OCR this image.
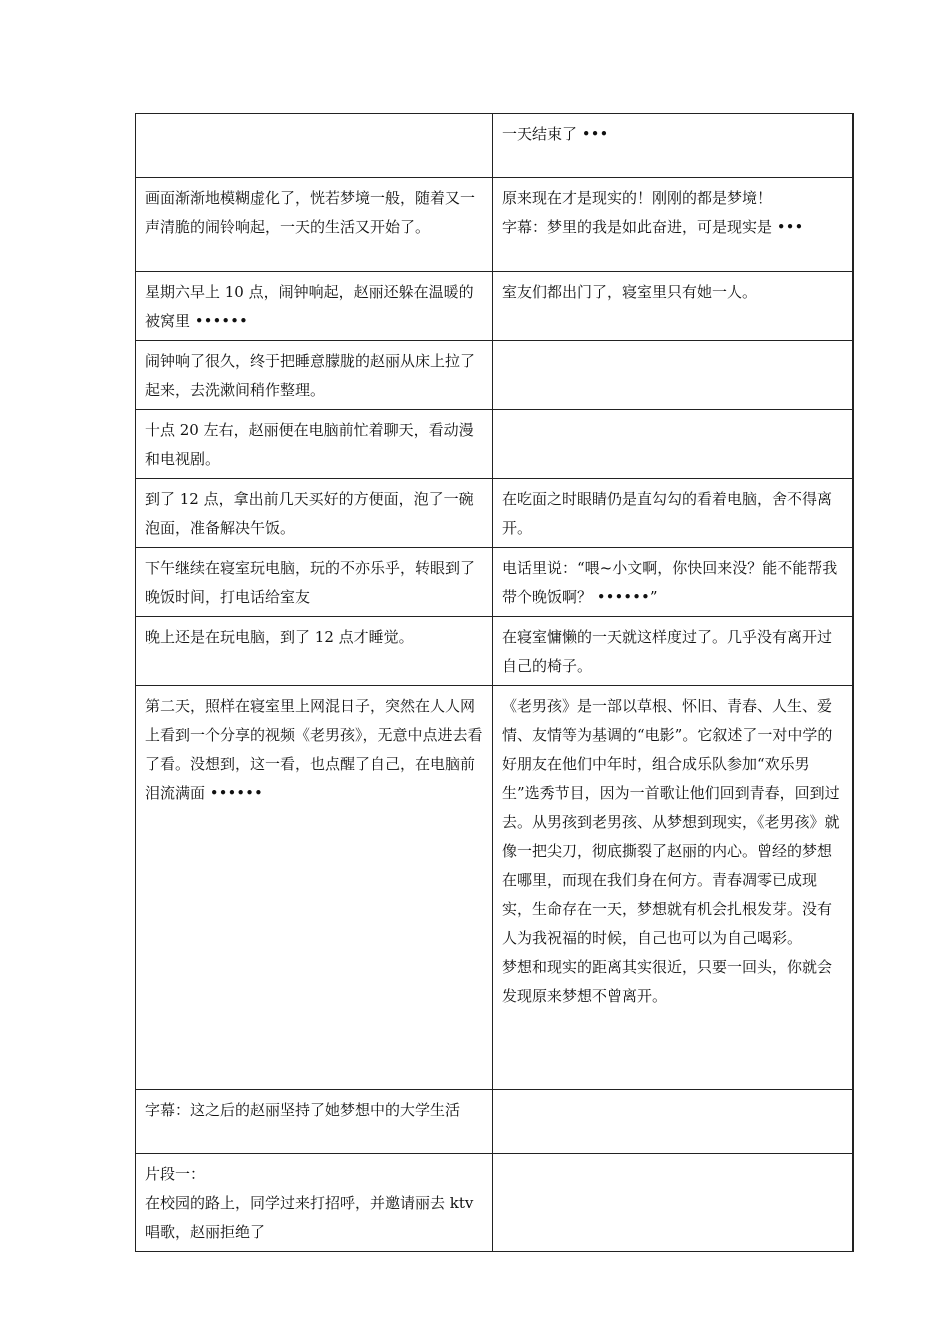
	一天结束了 •••
画面渐渐地模糊虚化了，恍若梦境一般，随着又一声清脆的闹铃响起，一天的生活又开始了。	原来现在才是现实的！刚刚的都是梦境！
字幕：梦里的我是如此奋进，可是现实是 •••
星期六早上 10 点，闹钟响起，赵丽还躲在温暖的被窝里 ••••••	室友们都出门了，寝室里只有她一人。
闹钟响了很久，终于把睡意朦胧的赵丽从床上拉了起来，去洗漱间稍作整理。	
十点 20 左右，赵丽便在电脑前忙着聊天，看动漫和电视剧。	
到了 12 点，拿出前几天买好的方便面，泡了一碗泡面，准备解决午饭。	在吃面之时眼睛仍是直勾勾的看着电脑，舍不得离开。
下午继续在寝室玩电脑，玩的不亦乐乎，转眼到了晚饭时间，打电话给室友	电话里说：“喂~小文啊，你快回来没？能不能帮我带个晚饭啊？ ••••••”
晚上还是在玩电脑，到了 12 点才睡觉。	在寝室慵懒的一天就这样度过了。几乎没有离开过自己的椅子。
第二天，照样在寝室里上网混日子，突然在人人网上看到一个分享的视频《老男孩》，无意中点进去看了看。没想到，这一看，也点醒了自己，在电脑前泪流满面 ••••••	《老男孩》是一部以草根、怀旧、青春、人生、爱情、友情等为基调的“电影”。它叙述了一对中学的好朋友在他们中年时，组合成乐队参加“欢乐男生”选秀节目，因为一首歌让他们回到青春，回到过去。从男孩到老男孩、从梦想到现实，《老男孩》就像一把尖刀，彻底撕裂了赵丽的内心。曾经的梦想在哪里，而现在我们身在何方。青春凋零已成现实，生命存在一天，梦想就有机会扎根发芽。没有人为我祝福的时候，自己也可以为自己喝彩。
梦想和现实的距离其实很近，只要一回头，你就会发现原来梦想不曾离开。
字幕：这之后的赵丽坚持了她梦想中的大学生活	
片段一：
在校园的路上，同学过来打招呼，并邀请丽去 ktv 唱歌，赵丽拒绝了	
